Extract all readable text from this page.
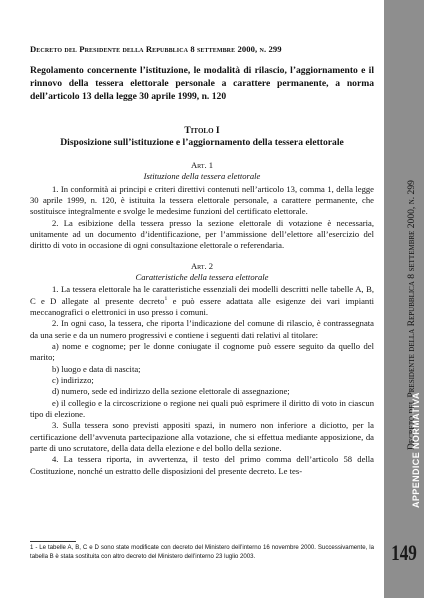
Decreto del Presidente della Repubblica 8 settembre 2000, n. 299
Regolamento concernente l’istituzione, le modalità di rilascio, l’aggiornamento e il rinnovo della tessera elettorale personale a carattere permanente, a norma dell’articolo 13 della legge 30 aprile 1999, n. 120
Titolo I
Disposizione sull’istituzione e l’aggiornamento della tessera elettorale
Art. 1
Istituzione della tessera elettorale

1. In conformità ai principi e criteri direttivi contenuti nell’articolo 13, comma 1, della legge 30 aprile 1999, n. 120, è istituita la tessera elettorale personale, a carattere permanente, che sostituisce integralmente e svolge le medesime funzioni del certificato elettorale.

2. La esibizione della tessera presso la sezione elettorale di votazione è necessaria, unitamente ad un documento d’identificazione, per l’ammissione dell’elettore all’esercizio del diritto di voto in occasione di ogni consultazione elettorale o referendaria.

Art. 2
Caratteristiche della tessera elettorale

1. La tessera elettorale ha le caratteristiche essenziali dei modelli descritti nelle tabelle A, B, C e D allegate al presente decreto$^1$ e può essere adattata alle esigenze dei vari impianti meccanografici o elettronici in uso presso i comuni.

2. In ogni caso, la tessera, che riporta l’indicazione del comune di rilascio, è contrassegnata da una serie e da un numero progressivi e contiene i seguenti dati relativi al titolare:

a) nome e cognome; per le donne coniugate il cognome può essere seguito da quello del marito;

b) luogo e data di nascita;

c) indirizzo;

d) numero, sede ed indirizzo della sezione elettorale di assegnazione;

e) il collegio e la circoscrizione o regione nei quali può esprimere il diritto di voto in ciascun tipo di elezione.

3. Sulla tessera sono previsti appositi spazi, in numero non inferiore a diciotto, per la certificazione dell’avvenuta partecipazione alla votazione, che si effettua mediante apposizione, da parte di uno scrutatore, della data della elezione e del bollo della sezione.

4. La tessera riporta, in avvertenza, il testo del primo comma dell’articolo 58 della Costituzione, nonché un estratto delle disposizioni del presente decreto. Le tes-

1 - Le tabelle A, B, C e D sono state modificate con decreto del Ministero dell’interno 16 novembre 2000. Successivamente, la tabella B è stata sostituita con altro decreto del Ministero dell’interno 23 luglio 2003.
Decreto del Presidente della Repubblica 8 settembre 2000, n. 299
APPENDICE NORMATIVA
149
